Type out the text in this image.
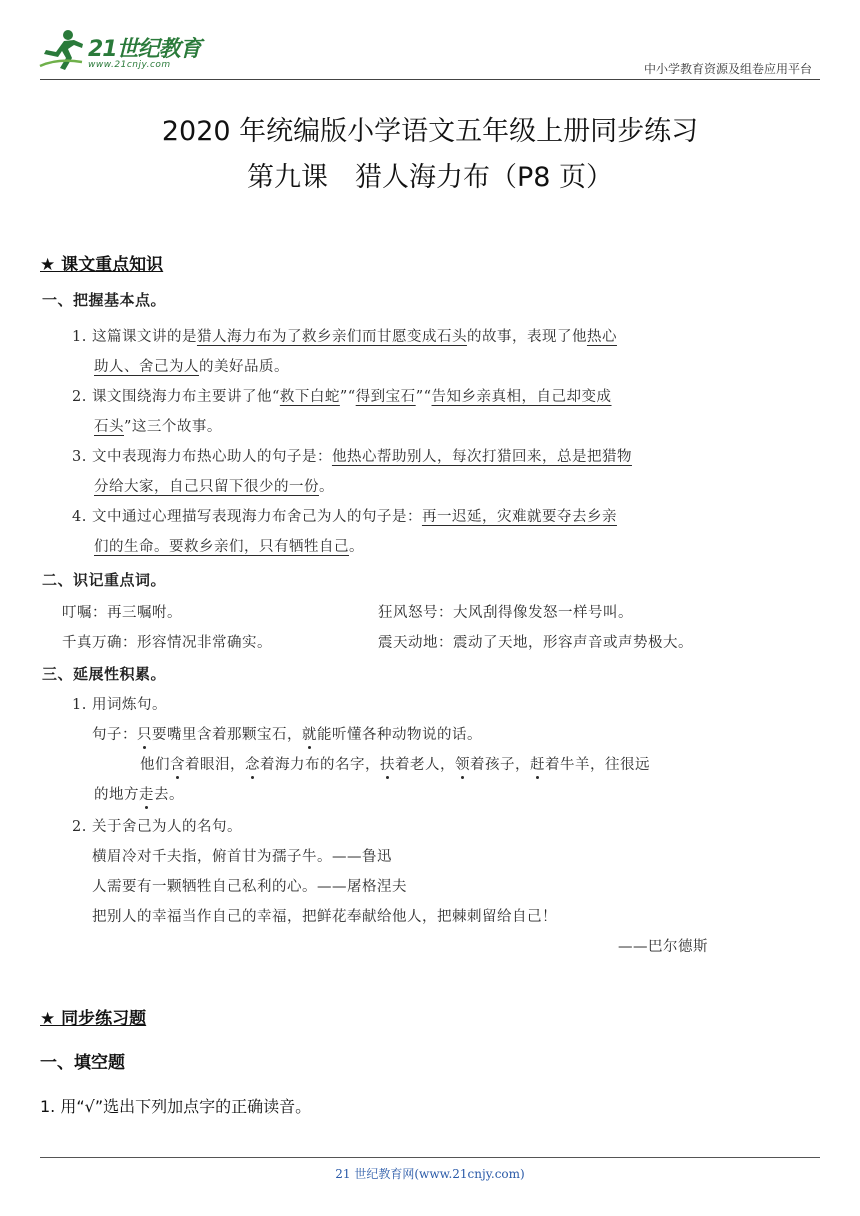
21世纪教育
www.21cnjy.com	中小学教育资源及组卷应用平台
2020 年统编版小学语文五年级上册同步练习
第九课　猎人海力布（P8 页）
★ 课文重点知识
一、把握基本点。
1. 这篇课文讲的是猎人海力布为了救乡亲们而甘愿变成石头的故事，表现了他热心
助人、舍己为人的美好品质。
2. 课文围绕海力布主要讲了他“救下白蛇”“得到宝石”“告知乡亲真相，自己却变成
石头”这三个故事。
3. 文中表现海力布热心助人的句子是：他热心帮助别人，每次打猎回来，总是把猎物
分给大家，自己只留下很少的一份。
4. 文中通过心理描写表现海力布舍己为人的句子是：再一迟延，灾难就要夺去乡亲
们的生命。要救乡亲们，只有牺牲自己。
二、识记重点词。
叮嘱：再三嘱咐。	狂风怒号：大风刮得像发怒一样号叫。
千真万确：形容情况非常确实。	震天动地：震动了天地，形容声音或声势极大。
三、延展性积累。
1. 用词炼句。
句子：只要嘴里含着那颗宝石，就能听懂各种动物说的话。
他们含着眼泪，念着海力布的名字，扶着老人，领着孩子，赶着牛羊，往很远
的地方走去。
2. 关于舍己为人的名句。
横眉冷对千夫指，俯首甘为孺子牛。——鲁迅
人需要有一颗牺牲自己私利的心。——屠格涅夫
把别人的幸福当作自己的幸福，把鲜花奉献给他人，把棘刺留给自己！
——巴尔德斯
★ 同步练习题
一、填空题
1. 用“√”选出下列加点字的正确读音。
21 世纪教育网(www.21cnjy.com)
